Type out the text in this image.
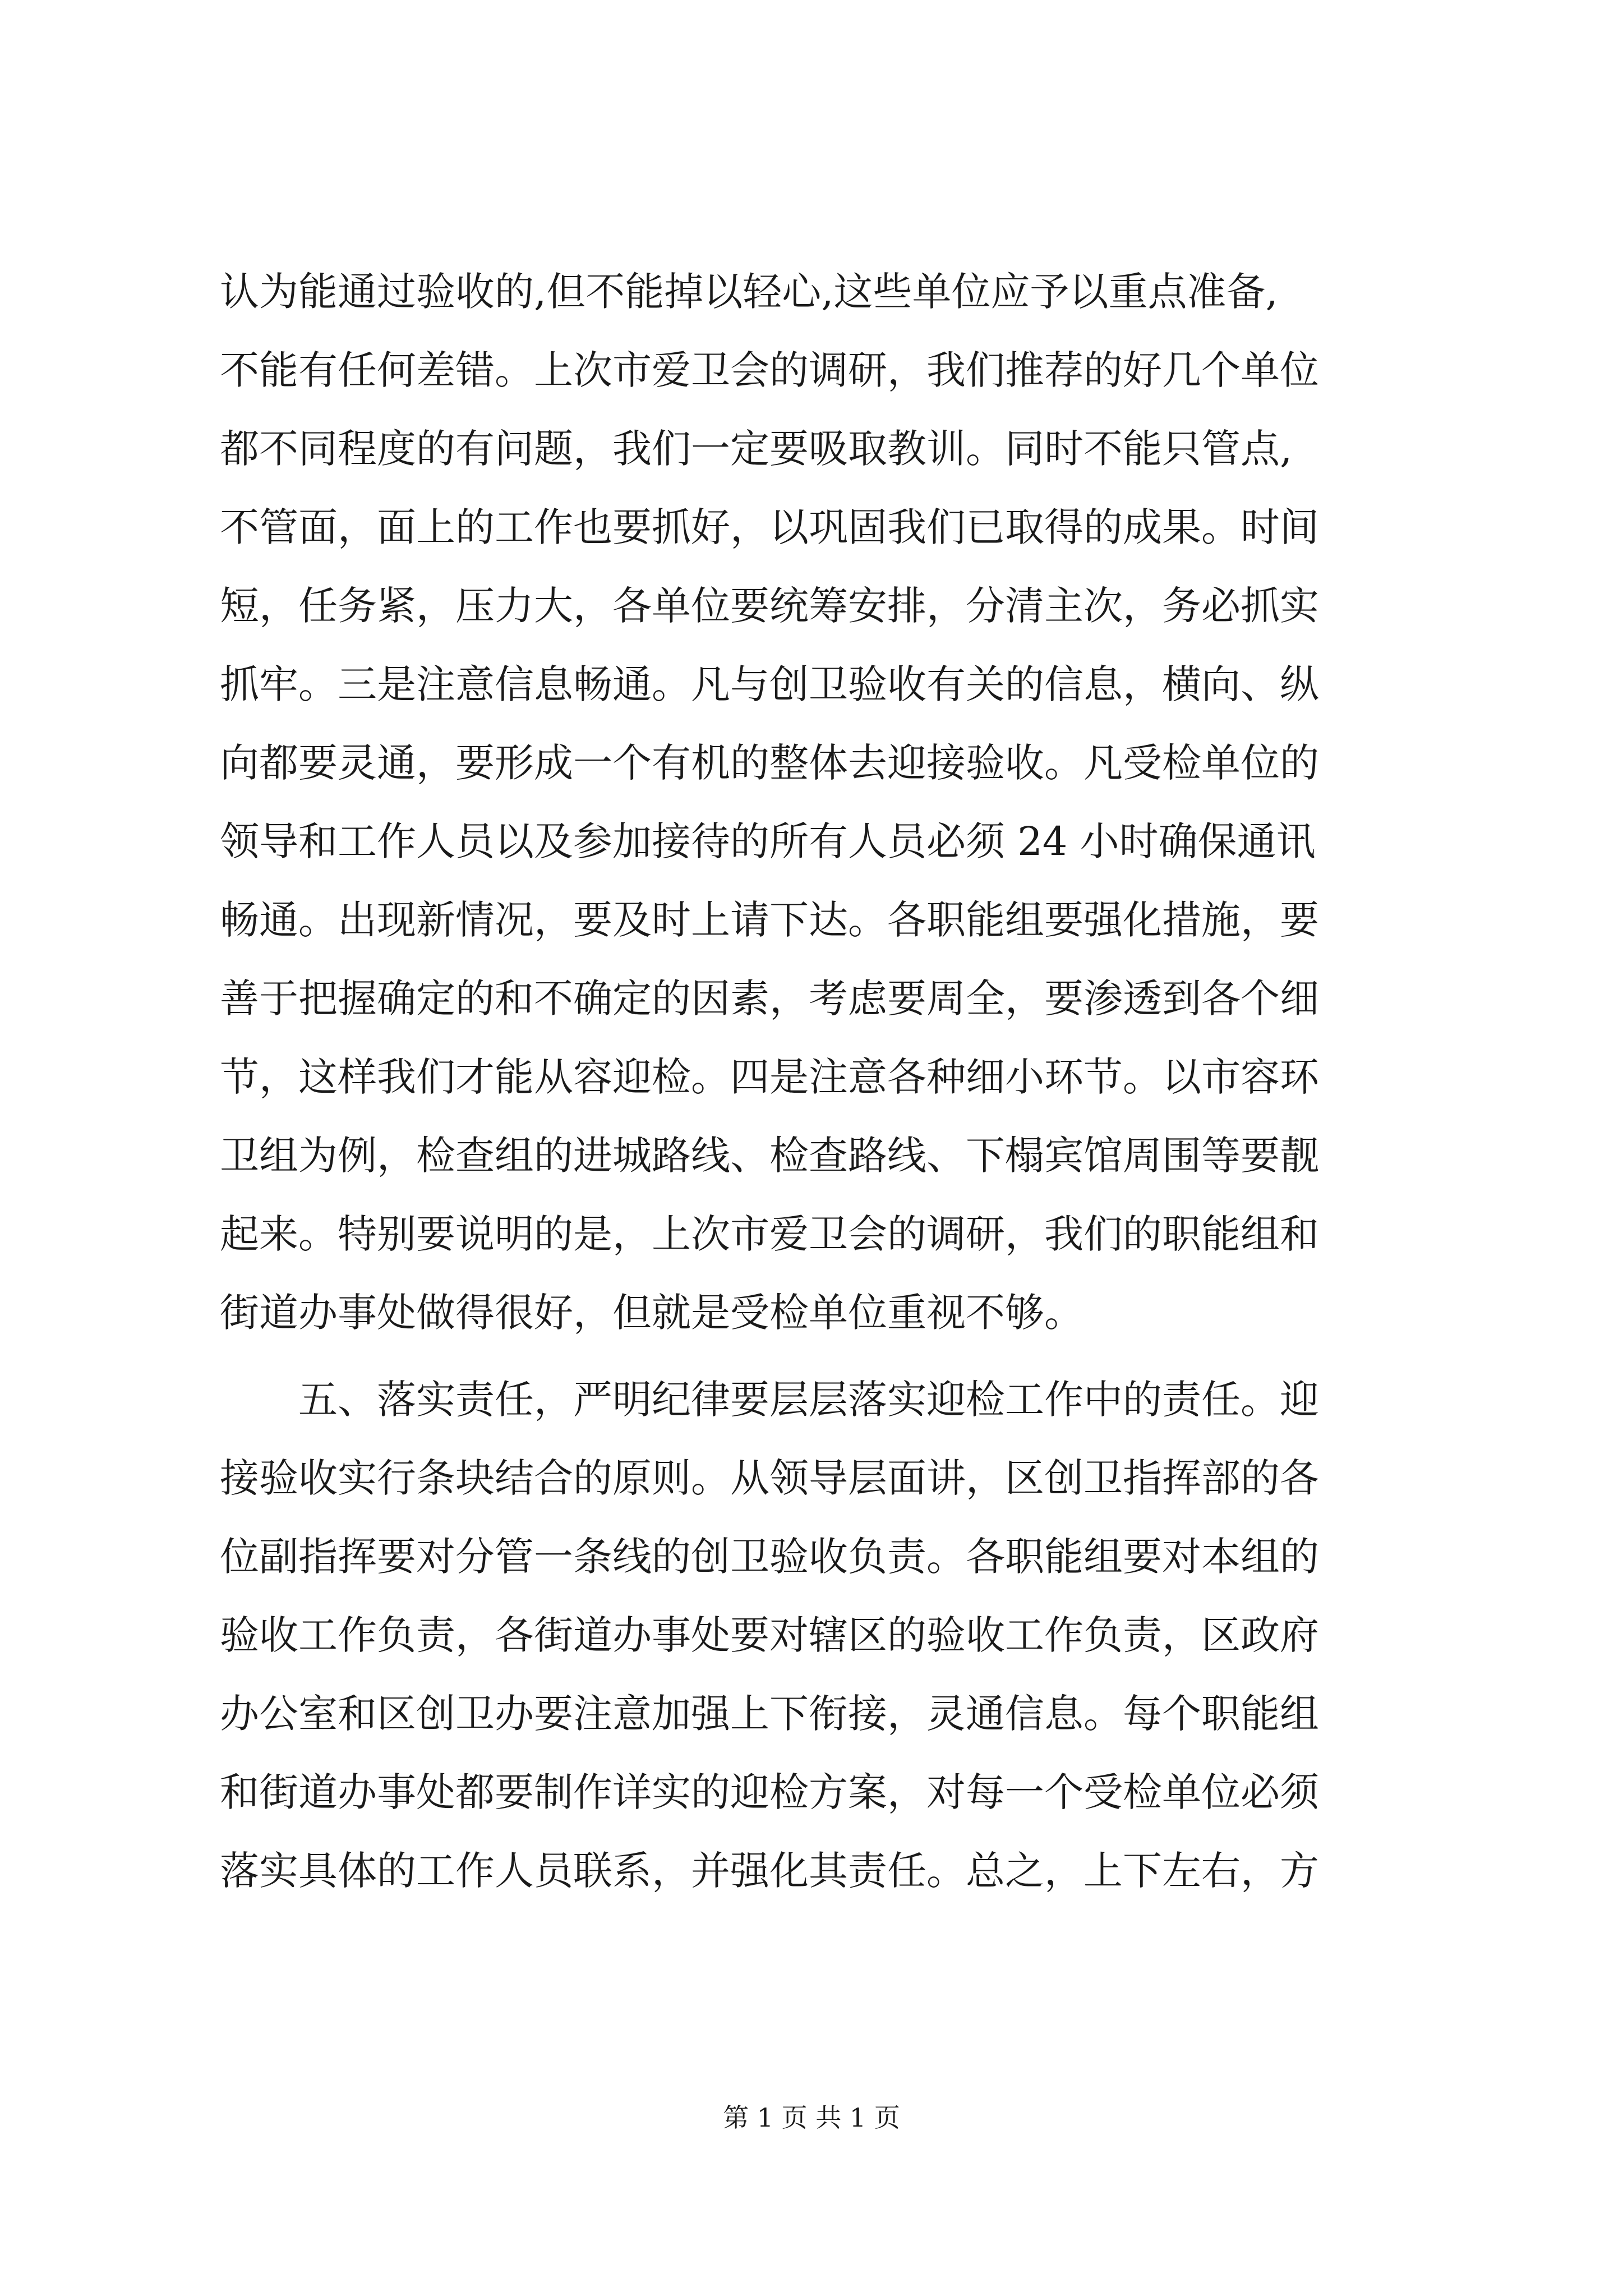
认为能通过验收的,但不能掉以轻心,这些单位应予以重点准备,
不能有任何差错。上次市爱卫会的调研，我们推荐的好几个单位
都不同程度的有问题，我们一定要吸取教训。同时不能只管点,
不管面，面上的工作也要抓好，以巩固我们已取得的成果。时间
短，任务紧，压力大，各单位要统筹安排，分清主次，务必抓实
抓牢。三是注意信息畅通。凡与创卫验收有关的信息，横向、纵
向都要灵通，要形成一个有机的整体去迎接验收。凡受检单位的
领导和工作人员以及参加接待的所有人员必须 24 小时确保通讯
畅通。出现新情况，要及时上请下达。各职能组要强化措施，要
善于把握确定的和不确定的因素，考虑要周全，要渗透到各个细
节，这样我们才能从容迎检。四是注意各种细小环节。以市容环
卫组为例，检查组的进城路线、检查路线、下榻宾馆周围等要靓
起来。特别要说明的是，上次市爱卫会的调研，我们的职能组和
街道办事处做得很好，但就是受检单位重视不够。
五、落实责任，严明纪律要层层落实迎检工作中的责任。迎
接验收实行条块结合的原则。从领导层面讲，区创卫指挥部的各
位副指挥要对分管一条线的创卫验收负责。各职能组要对本组的
验收工作负责，各街道办事处要对辖区的验收工作负责，区政府
办公室和区创卫办要注意加强上下衔接，灵通信息。每个职能组
和街道办事处都要制作详实的迎检方案，对每一个受检单位必须
落实具体的工作人员联系，并强化其责任。总之，上下左右，方
第 1 页 共 1 页
